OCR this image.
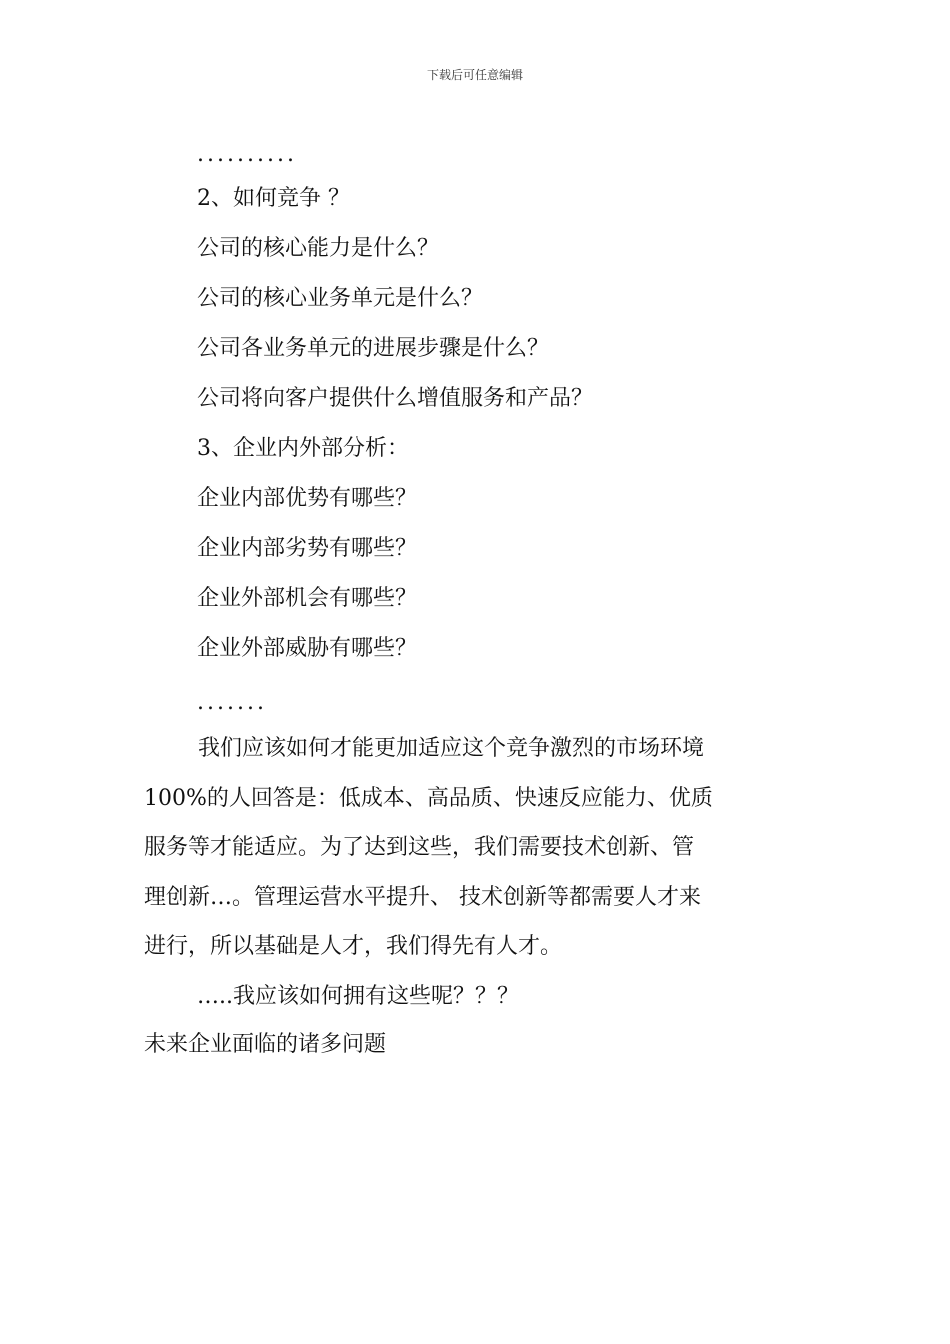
下载后可任意编辑
..........
2、如何竞争 ？
公司的核心能力是什么？
公司的核心业务单元是什么？
公司各业务单元的进展步骤是什么？
公司将向客户提供什么增值服务和产品？
3、企业内外部分析：
企业内部优势有哪些？
企业内部劣势有哪些？
企业外部机会有哪些？
企业外部威胁有哪些？
.......
我们应该如何才能更加适应这个竞争激烈的市场环境
100%的人回答是：低成本、高品质、快速反应能力、优质
服务等才能适应。为了达到这些，我们需要技术创新、管
理创新…。管理运营水平提升、 技术创新等都需要人才来
进行，所以基础是人才，我们得先有人才。
…..我应该如何拥有这些呢？？？
未来企业面临的诸多问题
